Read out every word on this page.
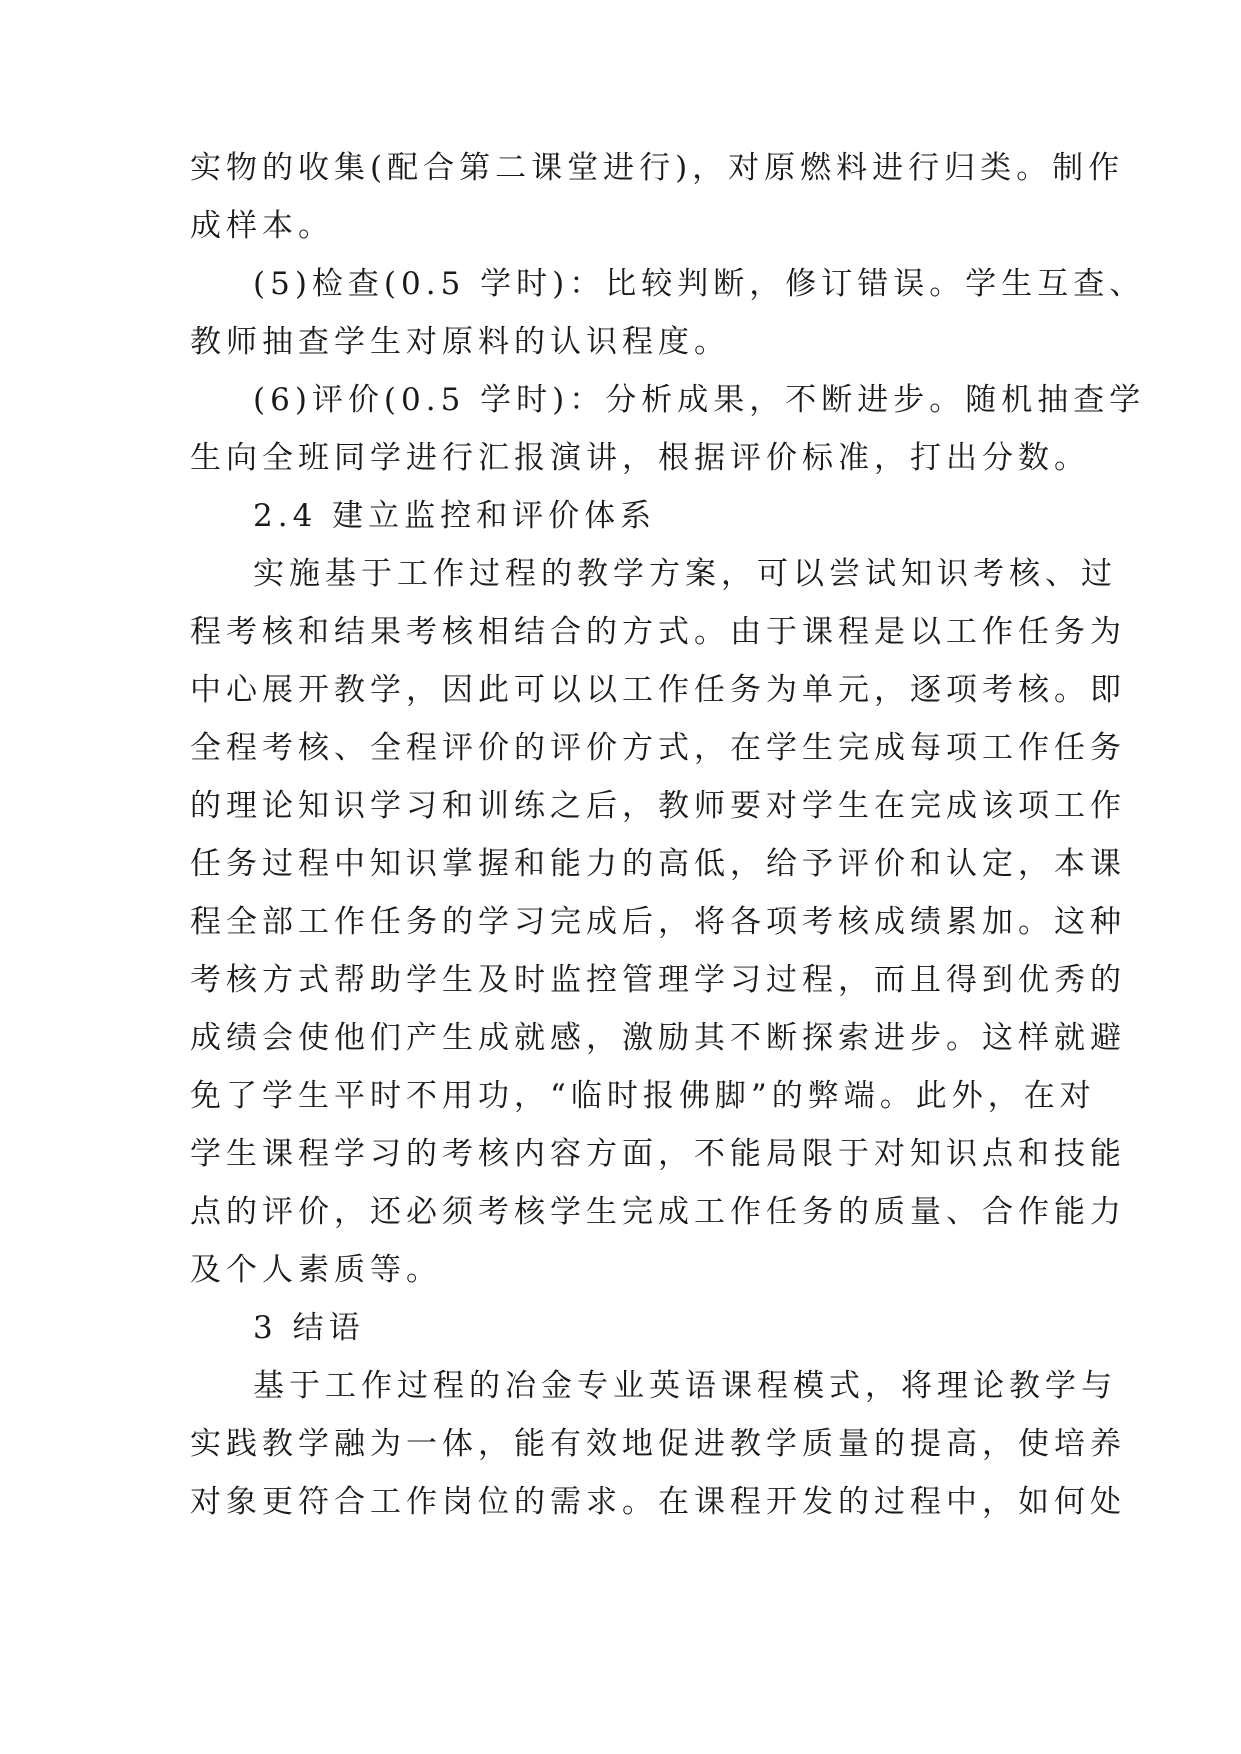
实物的收集(配合第二课堂进行)，对原燃料进行归类。制作
成样本。
(5)检查(0.5 学时)：比较判断，修订错误。学生互查、
教师抽查学生对原料的认识程度。
(6)评价(0.5 学时)：分析成果，不断进步。随机抽查学
生向全班同学进行汇报演讲，根据评价标准，打出分数。
2.4 建立监控和评价体系
实施基于工作过程的教学方案，可以尝试知识考核、过
程考核和结果考核相结合的方式。由于课程是以工作任务为
中心展开教学，因此可以以工作任务为单元，逐项考核。即
全程考核、全程评价的评价方式，在学生完成每项工作任务
的理论知识学习和训练之后，教师要对学生在完成该项工作
任务过程中知识掌握和能力的高低，给予评价和认定，本课
程全部工作任务的学习完成后，将各项考核成绩累加。这种
考核方式帮助学生及时监控管理学习过程，而且得到优秀的
成绩会使他们产生成就感，激励其不断探索进步。这样就避
免了学生平时不用功，“临时报佛脚”的弊端。此外，在对
学生课程学习的考核内容方面，不能局限于对知识点和技能
点的评价，还必须考核学生完成工作任务的质量、合作能力
及个人素质等。
3 结语
基于工作过程的冶金专业英语课程模式，将理论教学与
实践教学融为一体，能有效地促进教学质量的提高，使培养
对象更符合工作岗位的需求。在课程开发的过程中，如何处
